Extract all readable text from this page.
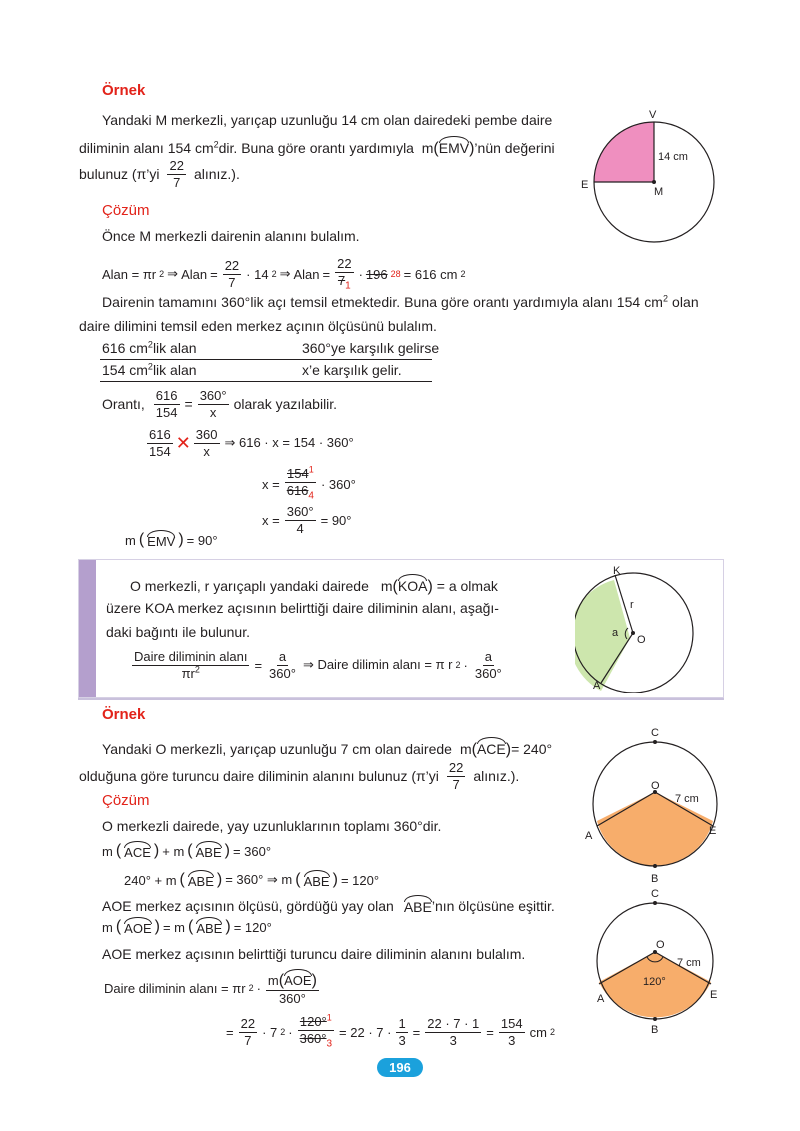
Örnek
Yandaki M merkezli, yarıçap uzunluğu 14 cm olan dairedeki pembe daire
diliminin alanı 154 $cm^2dir$. Buna göre orantı yardımıyla m(EMV)’nün değerini
bulunuz (π’yi $\frac{22}{7}$ alınız.).
V
E
M
14 cm
Çözüm
Önce M merkezli dairenin alanını bulalım.
Alan = πr 2 ⇒ Alan = $\frac{22}{7} \cdot 14$ 2 ⇒ Alan = $\frac{22}{7_1} \cdot 196$ 28 = 616 cm 2
Dairenin tamamını 360°lik açı temsil etmektedir. Buna göre orantı yardımıyla alanı 154 $cm^2$ olan
daire dilimini temsil eden merkez açının ölçüsünü bulalım.
616 $cm^2lik$ alan	360°ye karşılık gelirse
154 $cm^2lik$ alan	x’e karşılık gelir.
Orantı, $\frac{616}{154} = \frac{360^\circ}{x}$ olarak yazılabilir.
$\frac{616}{154}$ ✕ $\frac{360}{x}$ ⇒ 616 · x = 154 · 360°
$x = \frac{154^1}{616_4} \cdot 360^\circ$
$x = \frac{360^\circ}{4} = 90^\circ$
m ( EMV ) = 90°
O merkezli, r yarıçaplı yandaki dairede m(KOA) = a olmak
üzere KOA merkez açısının belirttiği daire diliminin alanı, aşağı-
daki bağıntı ile bulunur.
$\frac{\text{Daire diliminin alanı}}{\pi r^2} = \frac{a}{360^\circ}$ ⇒ Daire dilimin alanı = π r $2 \cdot \frac{a}{360^\circ}$
K
r
a
O
A
Örnek
Yandaki O merkezli, yarıçap uzunluğu 7 cm olan dairede m(ACE) = 240°
olduğuna göre turuncu daire diliminin alanını bulunuz (π’yi $\frac{22}{7}$ alınız.).
Çözüm
O merkezli dairede, yay uzunluklarının toplamı 360°dir.
m ( ACE ) + m ( ABE ) = 360°
240° + m ( ABE ) = 360° ⇒ m ( ABE ) = 120°
AOE merkez açısının ölçüsü, gördüğü yay olan ABE ’nın ölçüsüne eşittir.
m ( AOE ) = m ( ABE ) = 120°
AOE merkez açısının belirttiği turuncu daire diliminin alanını bulalım.
Daire diliminin alanı = πr $2 \cdot \frac{\text{m(AOE)}}{360^\circ}$
= $\frac{22}{7} \cdot 7$ $2 \cdot \frac{120^\circ^1}{360^\circ_3} = 22 \cdot 7 \cdot \frac{1}{3} = \frac{22 \cdot 7 \cdot 1}{3} = \frac{154}{3}$ cm 2
C
O
7 cm
A	E
B
C
O
7 cm
120°
A	E
B
196
